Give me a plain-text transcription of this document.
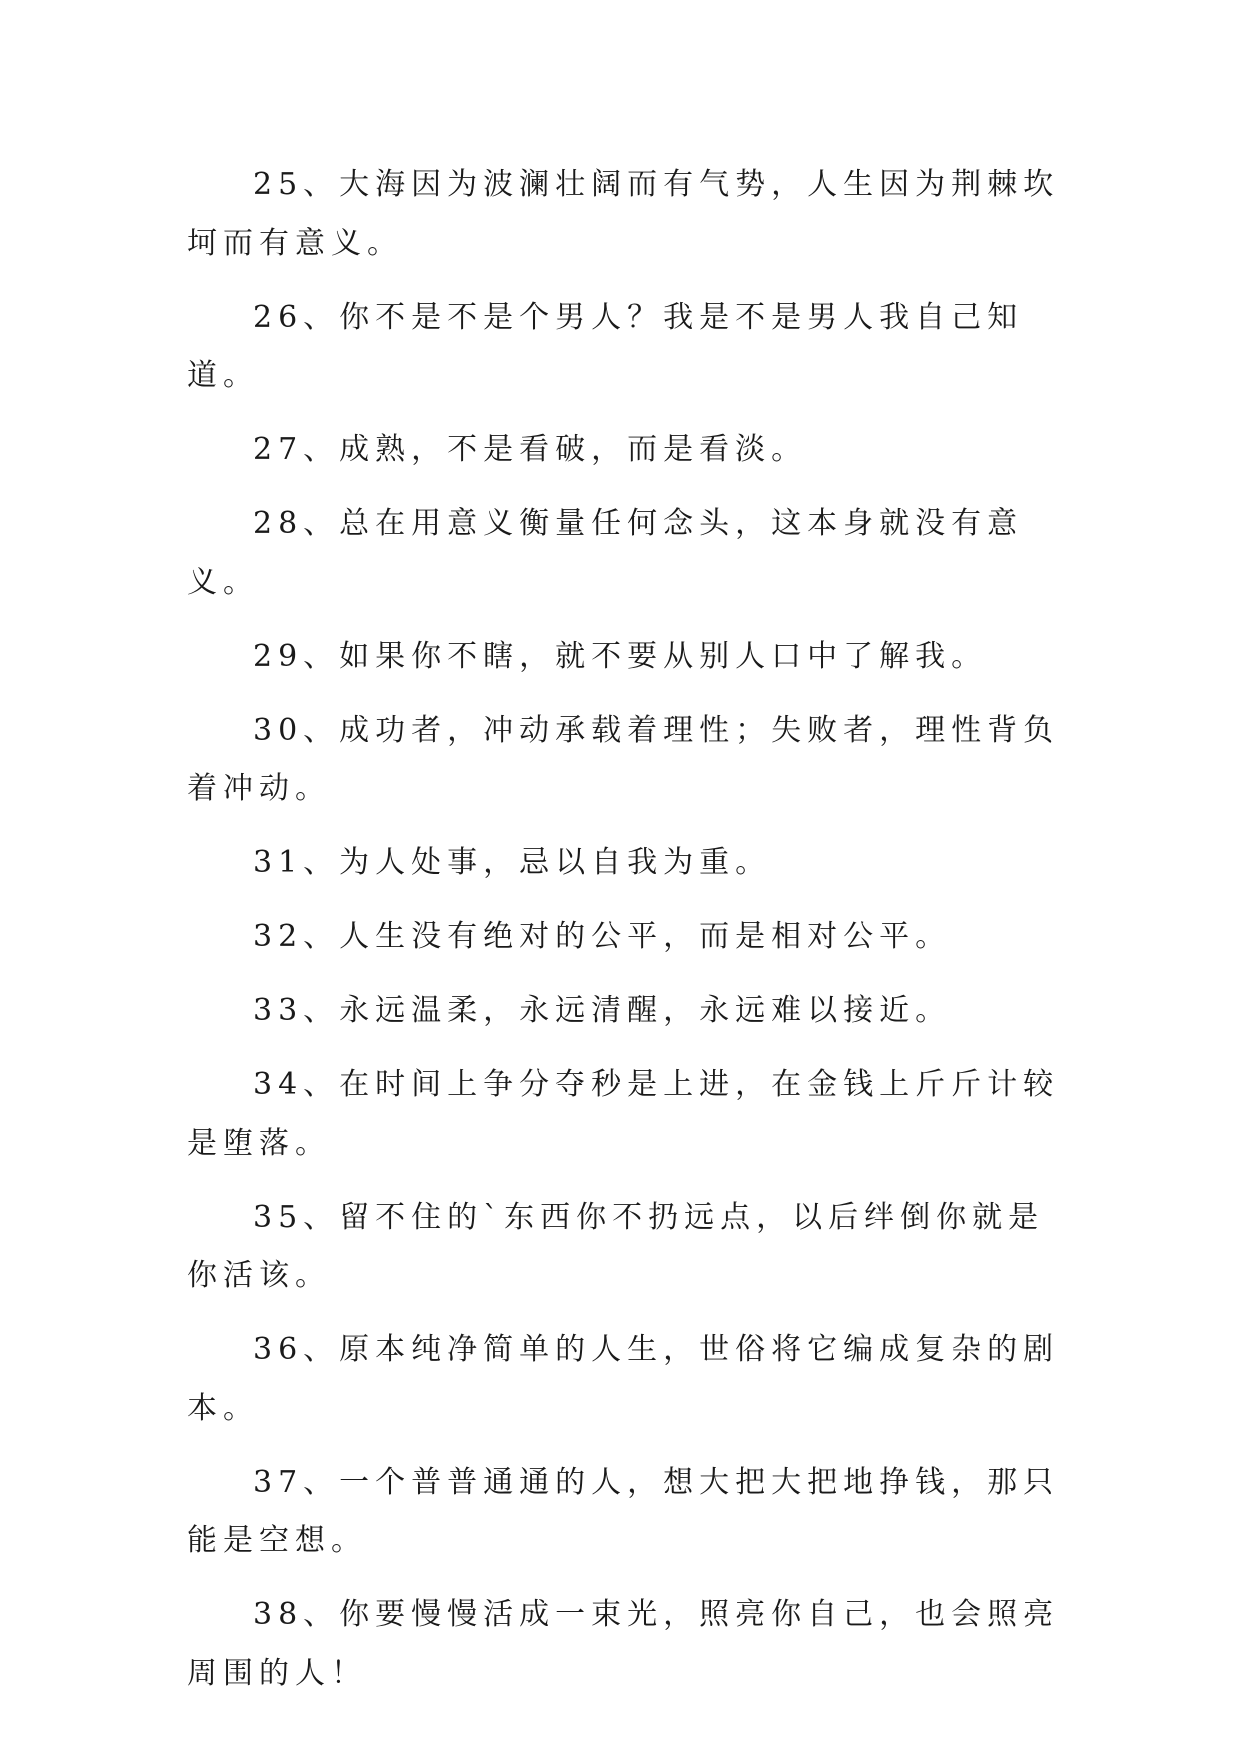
25、大海因为波澜壮阔而有气势，人生因为荆棘坎坷而有意义。

26、你不是不是个男人？我是不是男人我自己知道。

27、成熟，不是看破，而是看淡。

28、总在用意义衡量任何念头，这本身就没有意义。

29、如果你不瞎，就不要从别人口中了解我。

30、成功者，冲动承载着理性；失败者，理性背负着冲动。

31、为人处事，忌以自我为重。

32、人生没有绝对的公平，而是相对公平。

33、永远温柔，永远清醒，永远难以接近。

34、在时间上争分夺秒是上进，在金钱上斤斤计较是堕落。

35、留不住的`东西你不扔远点，以后绊倒你就是你活该。

36、原本纯净简单的人生，世俗将它编成复杂的剧本。

37、一个普普通通的人，想大把大把地挣钱，那只能是空想。

38、你要慢慢活成一束光，照亮你自己，也会照亮周围的人！
